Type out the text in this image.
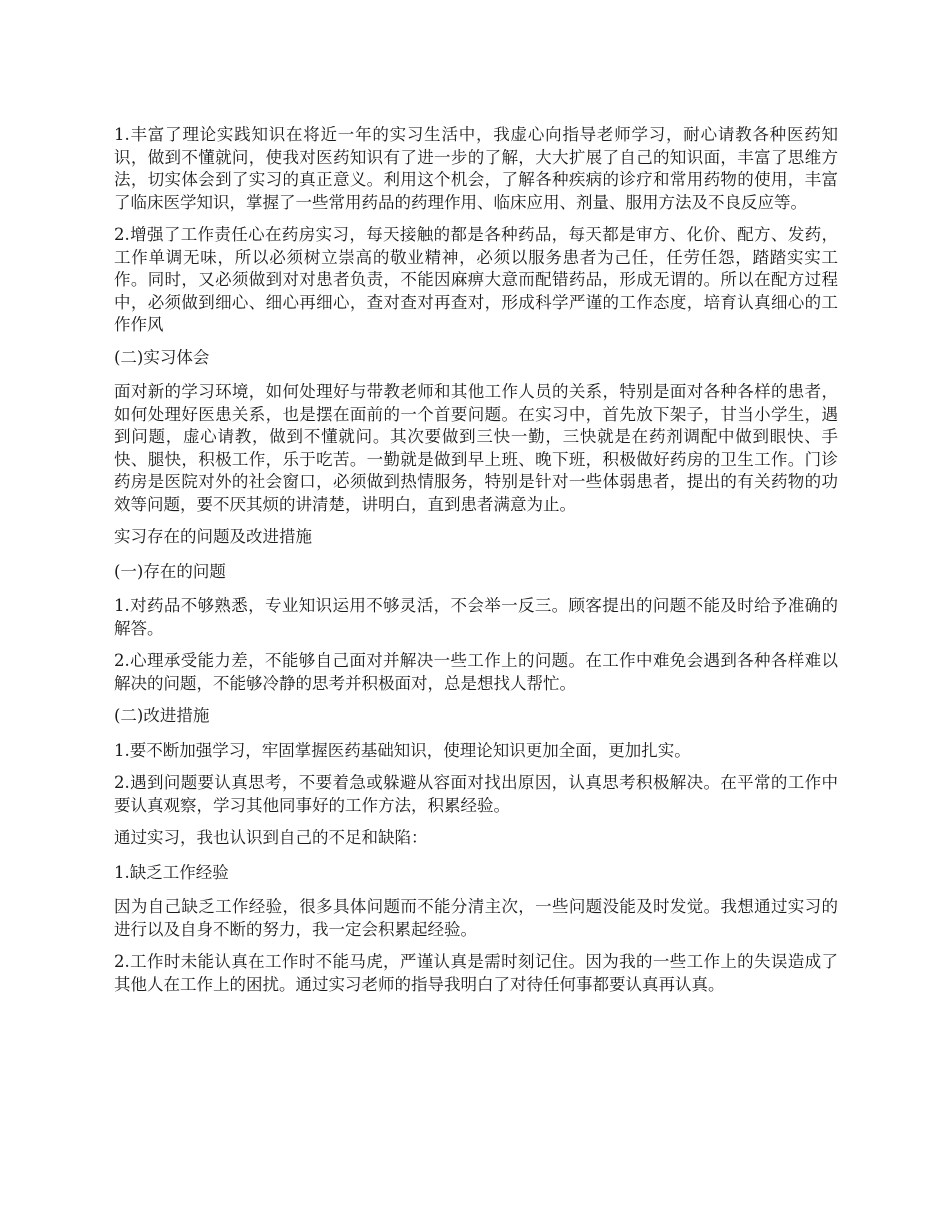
1.丰富了理论实践知识在将近一年的实习生活中，我虚心向指导老师学习，耐心请教各种医药知识，做到不懂就问，使我对医药知识有了进一步的了解，大大扩展了自己的知识面，丰富了思维方法，切实体会到了实习的真正意义。利用这个机会，了解各种疾病的诊疗和常用药物的使用，丰富了临床医学知识，掌握了一些常用药品的药理作用、临床应用、剂量、服用方法及不良反应等。

2.增强了工作责任心在药房实习，每天接触的都是各种药品，每天都是审方、化价、配方、发药，工作单调无味，所以必须树立崇高的敬业精神，必须以服务患者为己任，任劳任怨，踏踏实实工作。同时，又必须做到对对患者负责，不能因麻痹大意而配错药品，形成无谓的。所以在配方过程中，必须做到细心、细心再细心，查对查对再查对，形成科学严谨的工作态度，培育认真细心的工作作风

(二)实习体会

面对新的学习环境，如何处理好与带教老师和其他工作人员的关系，特别是面对各种各样的患者，如何处理好医患关系，也是摆在面前的一个首要问题。在实习中，首先放下架子，甘当小学生，遇到问题，虚心请教，做到不懂就问。其次要做到三快一勤，三快就是在药剂调配中做到眼快、手快、腿快，积极工作，乐于吃苦。一勤就是做到早上班、晚下班，积极做好药房的卫生工作。门诊药房是医院对外的社会窗口，必须做到热情服务，特别是针对一些体弱患者，提出的有关药物的功效等问题，要不厌其烦的讲清楚，讲明白，直到患者满意为止。

实习存在的问题及改进措施

(一)存在的问题

1.对药品不够熟悉，专业知识运用不够灵活，不会举一反三。顾客提出的问题不能及时给予准确的解答。

2.心理承受能力差，不能够自己面对并解决一些工作上的问题。在工作中难免会遇到各种各样难以解决的问题，不能够冷静的思考并积极面对，总是想找人帮忙。

(二)改进措施

1.要不断加强学习，牢固掌握医药基础知识，使理论知识更加全面，更加扎实。

2.遇到问题要认真思考，不要着急或躲避从容面对找出原因，认真思考积极解决。在平常的工作中要认真观察，学习其他同事好的工作方法，积累经验。

通过实习，我也认识到自己的不足和缺陷：

1.缺乏工作经验

因为自己缺乏工作经验，很多具体问题而不能分清主次，一些问题没能及时发觉。我想通过实习的进行以及自身不断的努力，我一定会积累起经验。

2.工作时未能认真在工作时不能马虎，严谨认真是需时刻记住。因为我的一些工作上的失误造成了其他人在工作上的困扰。通过实习老师的指导我明白了对待任何事都要认真再认真。
